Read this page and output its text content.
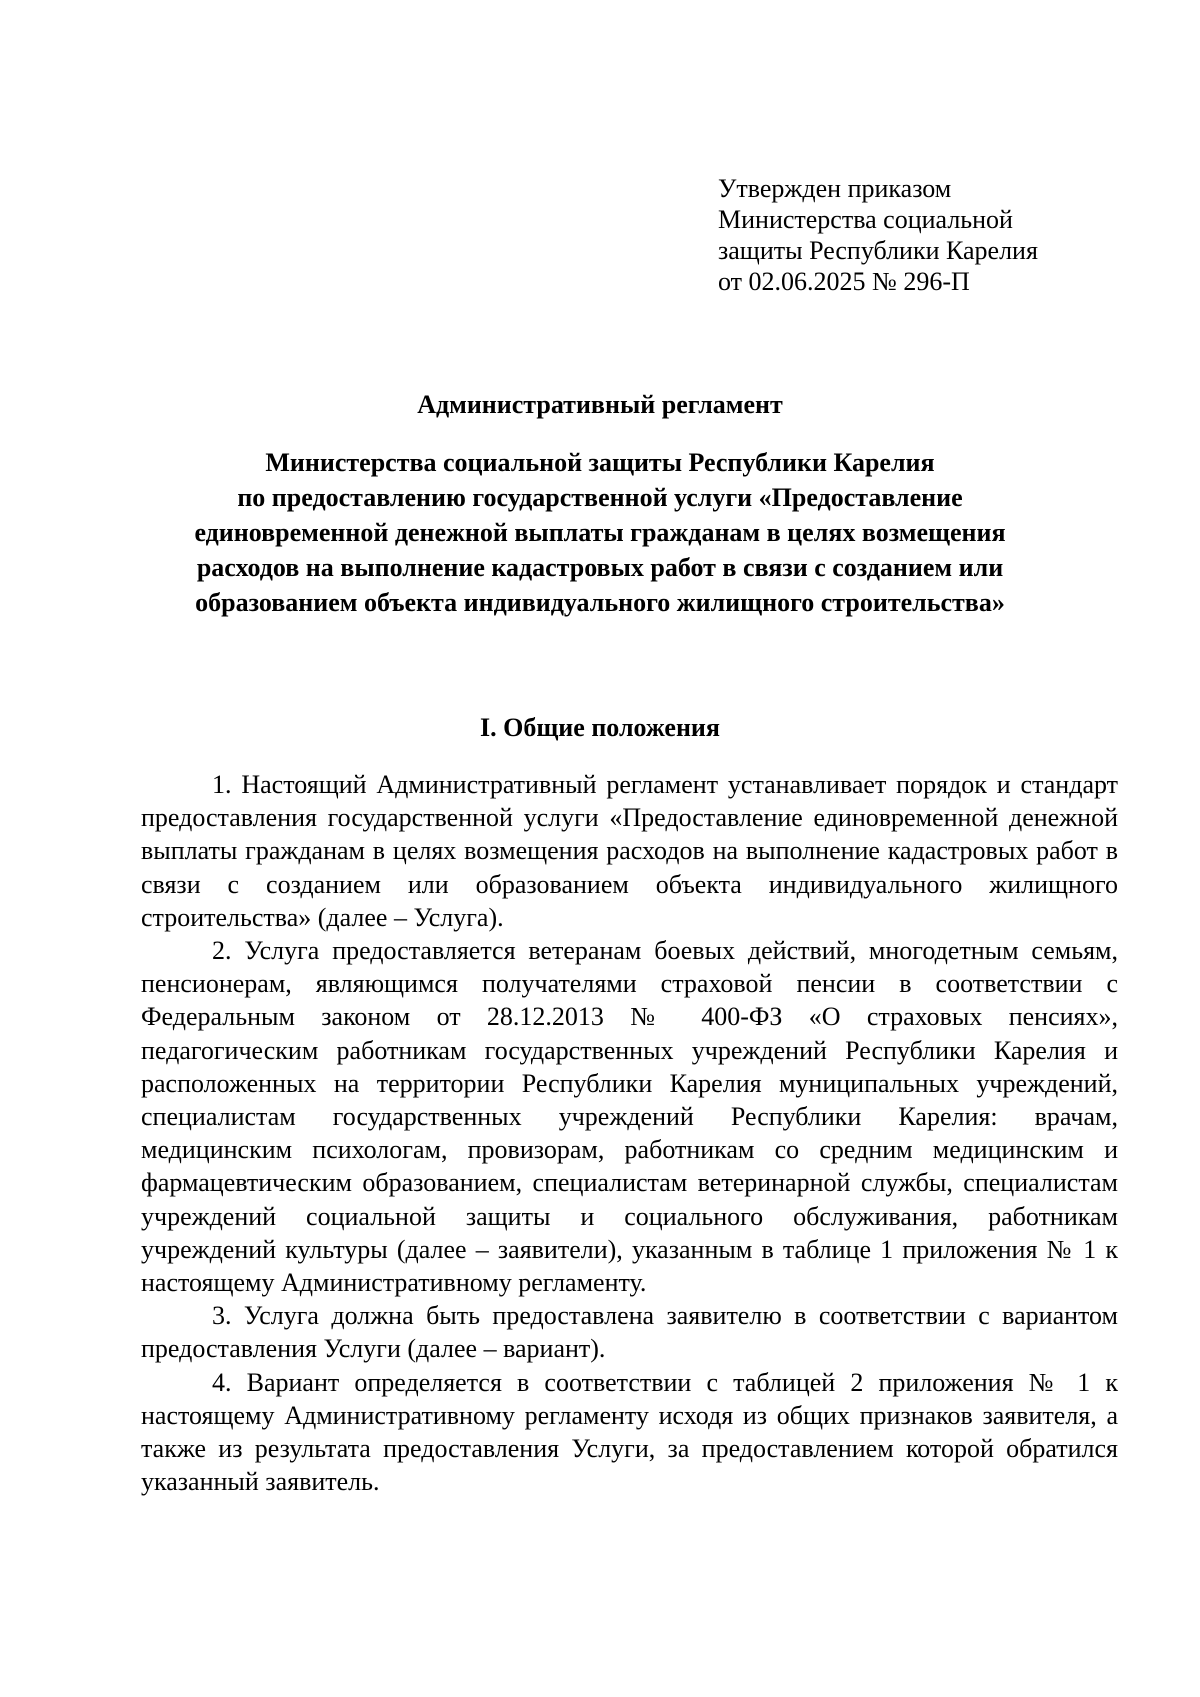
Утвержден приказом
Министерства социальной
защиты Республики Карелия
от 02.06.2025 № 296-П
Административный регламент
Министерства социальной защиты Республики Карелия
по предоставлению государственной услуги «Предоставление
единовременной денежной выплаты гражданам в целях возмещения
расходов на выполнение кадастровых работ в связи с созданием или
образованием объекта индивидуального жилищного строительства»
I. Общие положения

1. Настоящий Административный регламент устанавливает порядок и стандарт предоставления государственной услуги «Предоставление единовременной денежной выплаты гражданам в целях возмещения расходов на выполнение кадастровых работ в связи с созданием или образованием объекта индивидуального жилищного строительства» (далее – Услуга).

2. Услуга предоставляется ветеранам боевых действий, многодетным семьям, пенсионерам, являющимся получателями страховой пенсии в соответствии с Федеральным законом от 28.12.2013 № 400-ФЗ «О страховых пенсиях», педагогическим работникам государственных учреждений Республики Карелия и расположенных на территории Республики Карелия муниципальных учреждений, специалистам государственных учреждений Республики Карелия: врачам, медицинским психологам, провизорам, работникам со средним медицинским и фармацевтическим образованием, специалистам ветеринарной службы, специалистам учреждений социальной защиты и социального обслуживания, работникам учреждений культуры (далее – заявители), указанным в таблице 1 приложения № 1 к настоящему Административному регламенту.

3. Услуга должна быть предоставлена заявителю в соответствии с вариантом предоставления Услуги (далее – вариант).

4. Вариант определяется в соответствии с таблицей 2 приложения № 1 к настоящему Административному регламенту исходя из общих признаков заявителя, а также из результата предоставления Услуги, за предоставлением которой обратился указанный заявитель.
